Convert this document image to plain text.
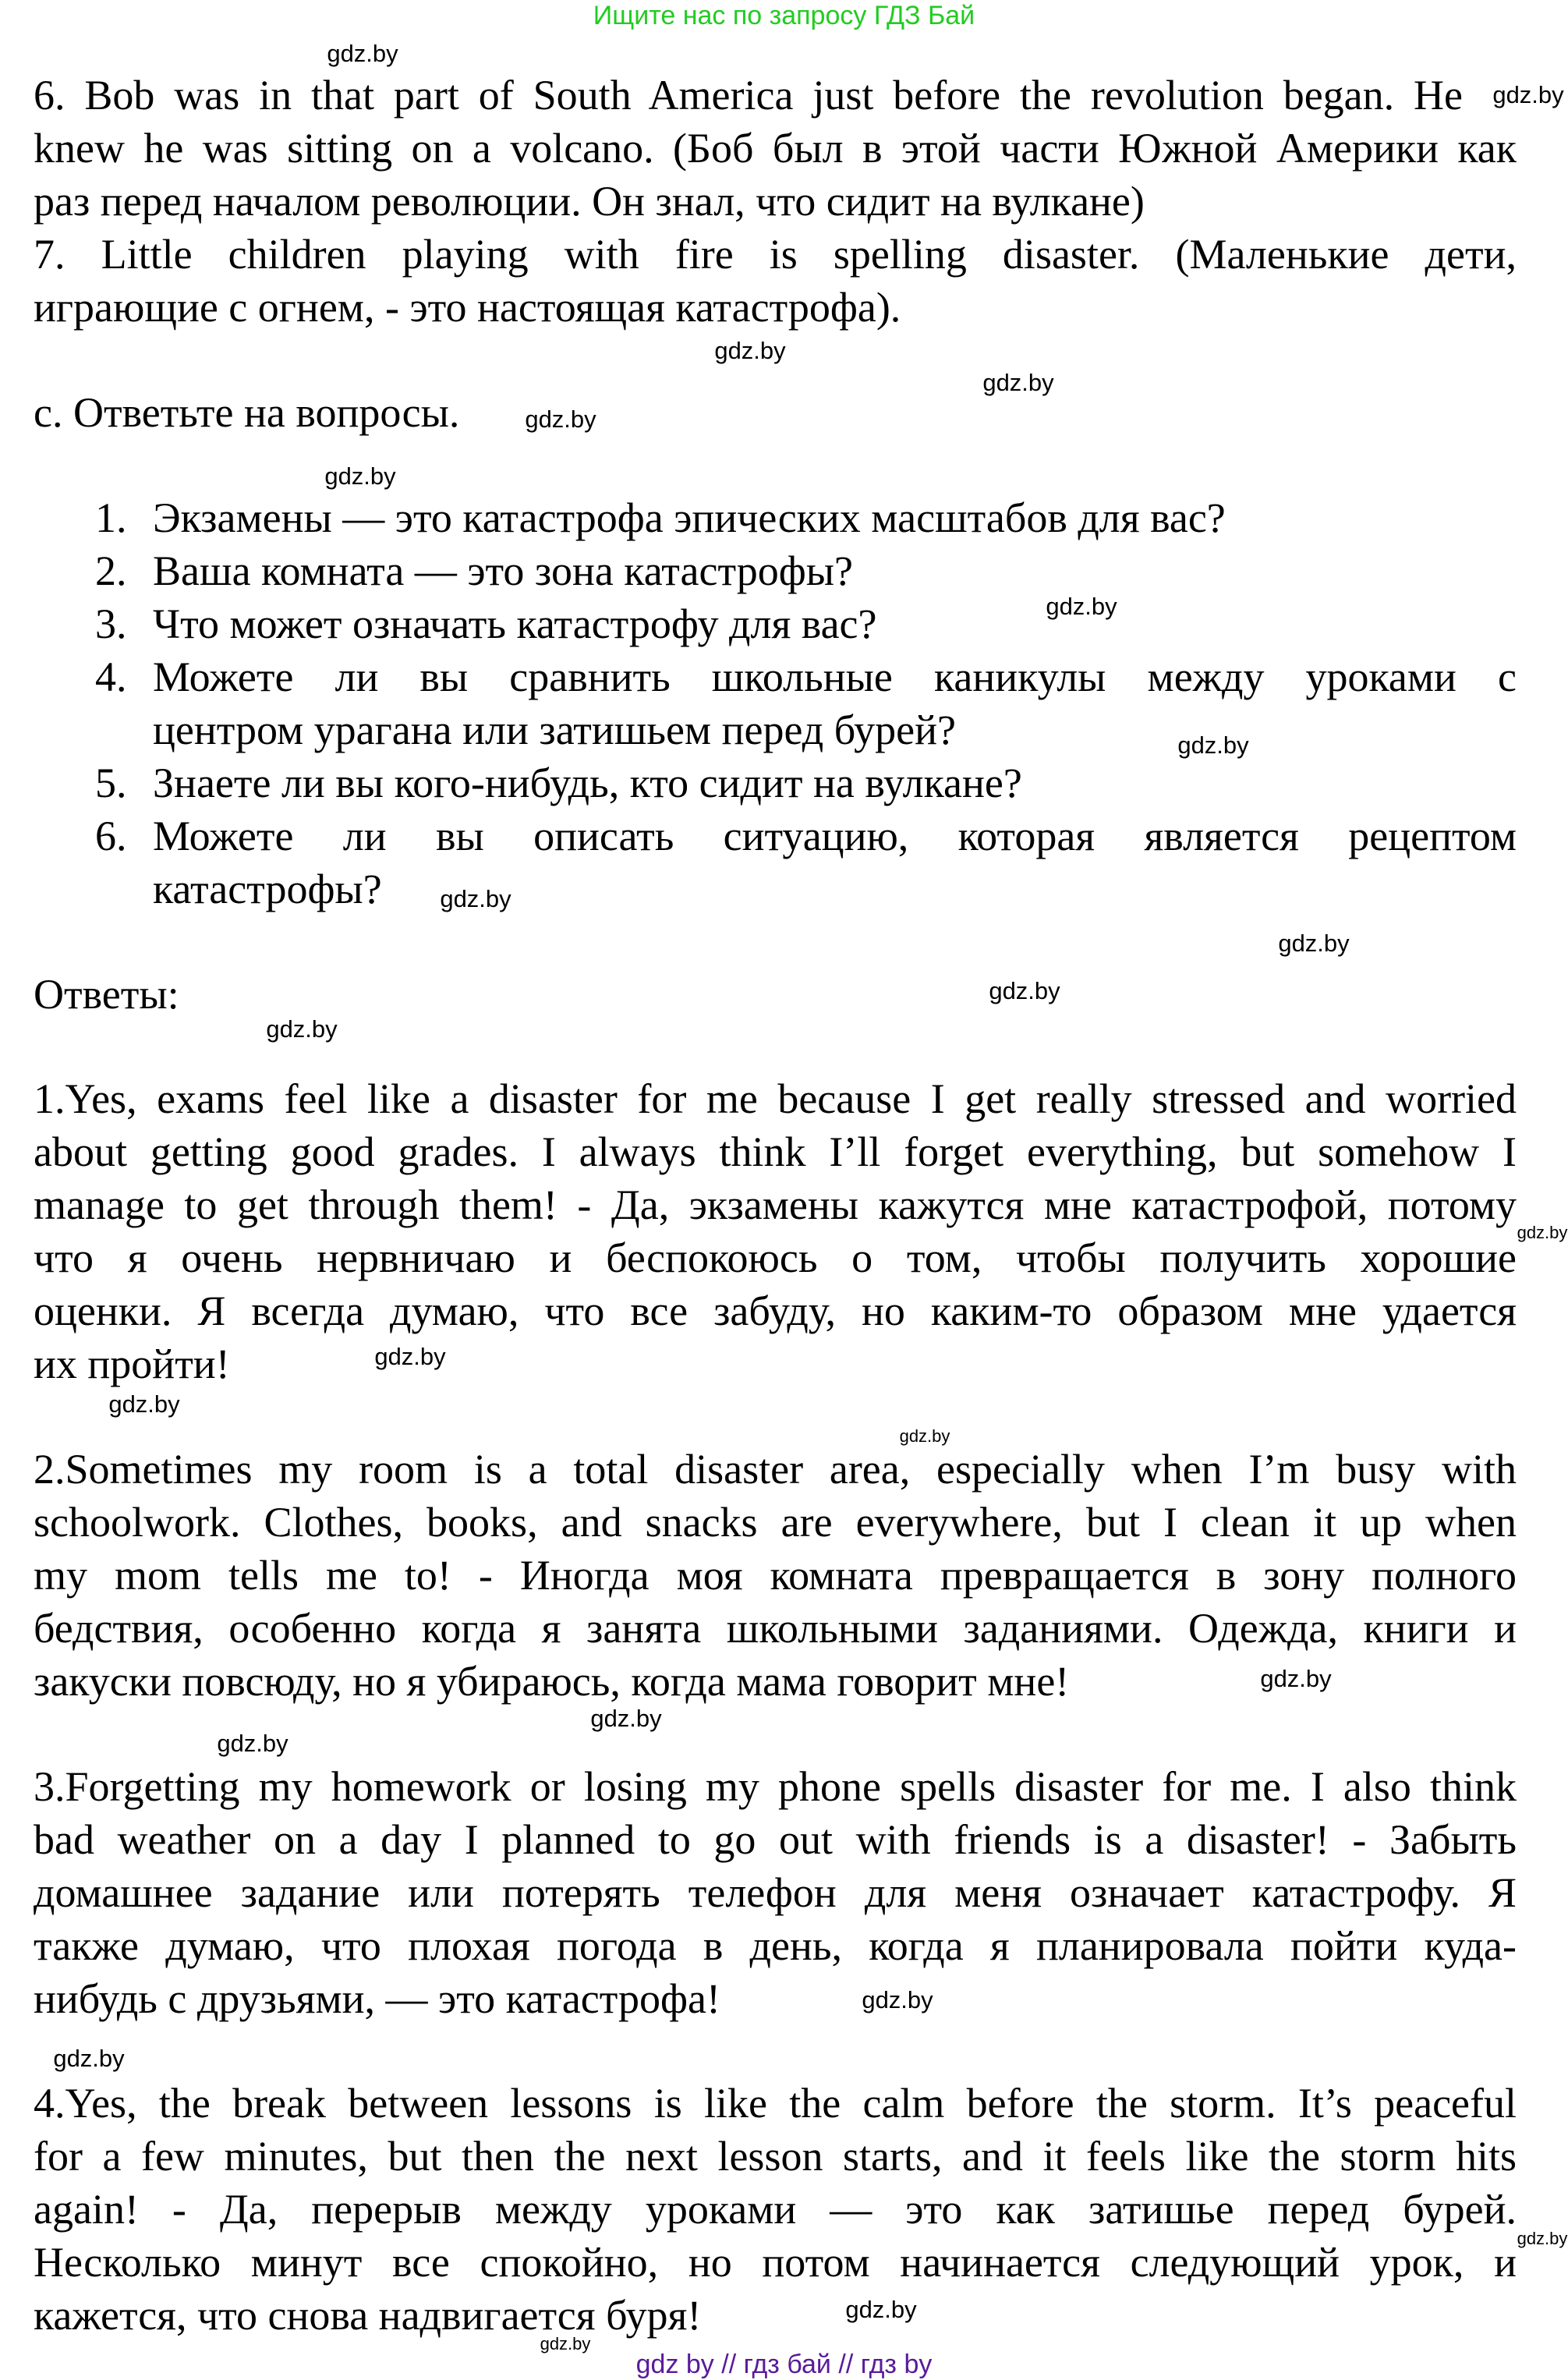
Ищите нас по запросу ГДЗ Бай
6. Bob was in that part of South America just before the revolution began. He
knew he was sitting on a volcano. (Боб был в этой части Южной Америки как
раз перед началом революции. Он знал, что сидит на вулкане)
7. Little children playing with fire is spelling disaster. (Маленькие дети,
играющие с огнем, - это настоящая катастрофа).
c. Ответьте на вопросы.
1. Экзамены — это катастрофа эпических масштабов для вас?
2. Ваша комната — это зона катастрофы?
3. Что может означать катастрофу для вас?
4. Можете ли вы сравнить школьные каникулы между уроками с
центром урагана или затишьем перед бурей?
5. Знаете ли вы кого-нибудь, кто сидит на вулкане?
6. Можете ли вы описать ситуацию, которая является рецептом
катастрофы?
Ответы:
1.Yes, exams feel like a disaster for me because I get really stressed and worried
about getting good grades. I always think I’ll forget everything, but somehow I
manage to get through them! - Да, экзамены кажутся мне катастрофой, потому
что я очень нервничаю и беспокоюсь о том, чтобы получить хорошие
оценки. Я всегда думаю, что все забуду, но каким-то образом мне удается
их пройти!
2.Sometimes my room is a total disaster area, especially when I’m busy with
schoolwork. Clothes, books, and snacks are everywhere, but I clean it up when
my mom tells me to! - Иногда моя комната превращается в зону полного
бедствия, особенно когда я занята школьными заданиями. Одежда, книги и
закуски повсюду, но я убираюсь, когда мама говорит мне!
3.Forgetting my homework or losing my phone spells disaster for me. I also think
bad weather on a day I planned to go out with friends is a disaster! - Забыть
домашнее задание или потерять телефон для меня означает катастрофу. Я
также думаю, что плохая погода в день, когда я планировала пойти куда-
нибудь с друзьями, — это катастрофа!
4.Yes, the break between lessons is like the calm before the storm. It’s peaceful
for a few minutes, but then the next lesson starts, and it feels like the storm hits
again! - Да, перерыв между уроками — это как затишье перед бурей.
Несколько минут все спокойно, но потом начинается следующий урок, и
кажется, что снова надвигается буря!
gdz.by
gdz.by
gdz.by
gdz.by
gdz.by
gdz.by
gdz.by
gdz.by
gdz.by
gdz.by
gdz.by
gdz.by
gdz.by
gdz.by
gdz.by
gdz.by
gdz.by
gdz.by
gdz.by
gdz.by
gdz.by
gdz.by
gdz.by
gdz.by
gdz by // гдз бай // гдз by
